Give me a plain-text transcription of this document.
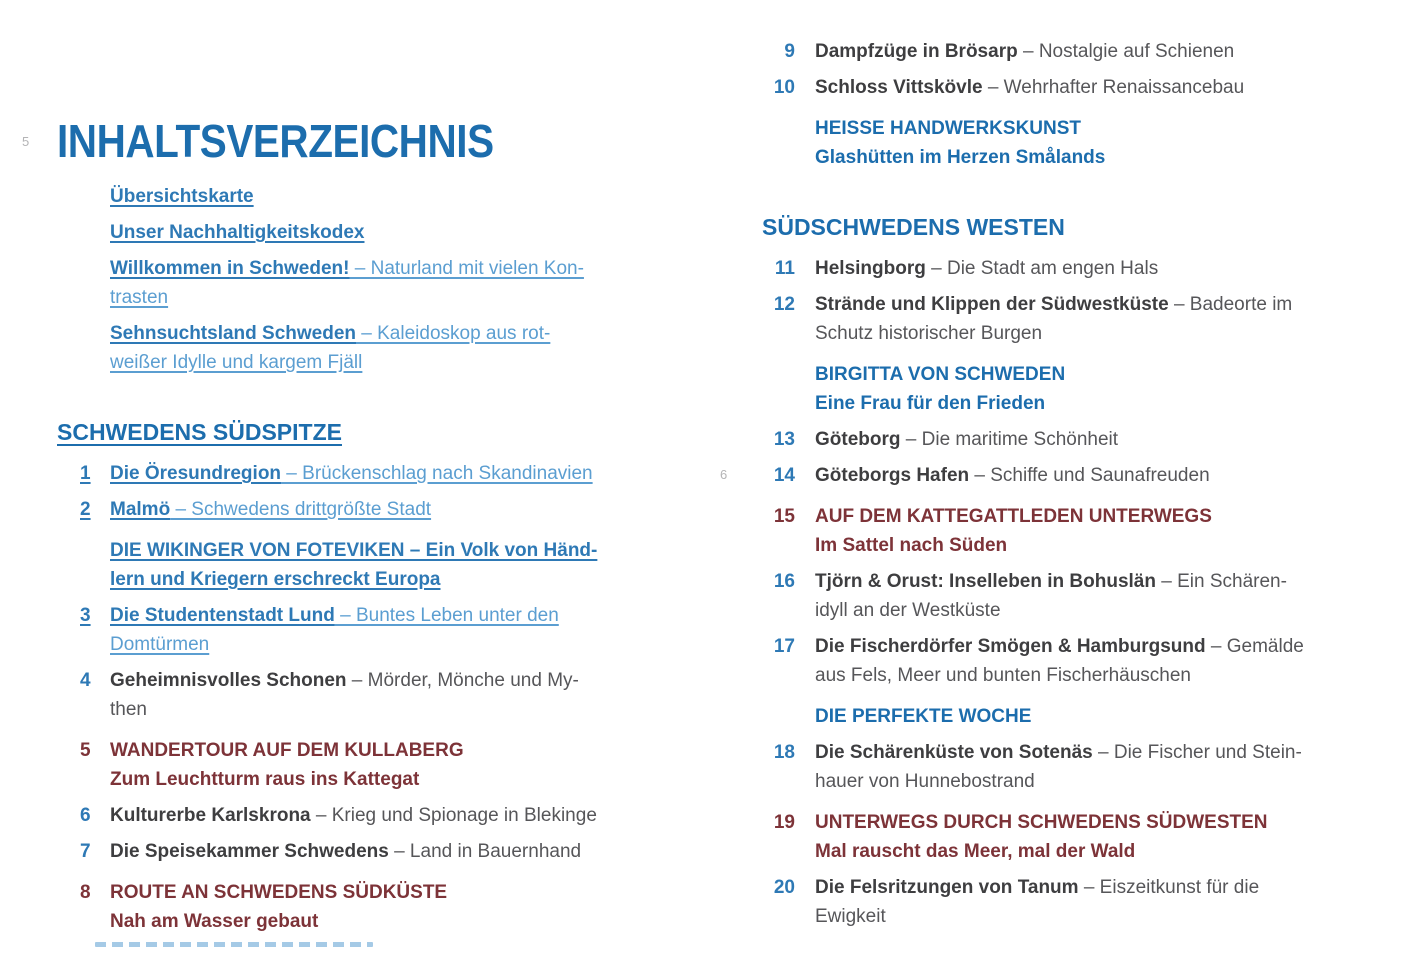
5
6
INHALTSVERZEICHNIS
Übersichtskarte
Unser Nachhaltigkeitskodex
Willkommen in Schweden! – Naturland mit vielen Kon-
trasten
Sehnsuchtsland Schweden – Kaleidoskop aus rot-
weißer Idylle und kargem Fjäll
SCHWEDENS SÜDSPITZE
1	Die Öresundregion – Brückenschlag nach Skandinavien
2	Malmö – Schwedens drittgrößte Stadt
DIE WIKINGER VON FOTEVIKEN – Ein Volk von Händ-
lern und Kriegern erschreckt Europa
3	Die Studentenstadt Lund – Buntes Leben unter den
Domtürmen
4	Geheimnisvolles Schonen – Mörder, Mönche und My-
then
5	WANDERTOUR AUF DEM KULLABERG
Zum Leuchtturm raus ins Kattegat
6	Kulturerbe Karlskrona – Krieg und Spionage in Blekinge
7	Die Speisekammer Schwedens – Land in Bauernhand
8	ROUTE AN SCHWEDENS SÜDKÜSTE
Nah am Wasser gebaut
9 Dampfzüge in Brösarp – Nostalgie auf Schienen
10 Schloss Vittskövle – Wehrhafter Renaissancebau
HEISSE HANDWERKSKUNST
Glashütten im Herzen Smålands
SÜDSCHWEDENS WESTEN
11 Helsingborg – Die Stadt am engen Hals
12 Strände und Klippen der Südwestküste – Badeorte im
Schutz historischer Burgen
BIRGITTA VON SCHWEDEN
Eine Frau für den Frieden
13 Göteborg – Die maritime Schönheit
14 Göteborgs Hafen – Schiffe und Saunafreuden
15 AUF DEM KATTEGATTLEDEN UNTERWEGS
Im Sattel nach Süden
16 Tjörn & Orust: Inselleben in Bohuslän – Ein Schären-
idyll an der Westküste
17 Die Fischerdörfer Smögen & Hamburgsund – Gemälde
aus Fels, Meer und bunten Fischerhäuschen
DIE PERFEKTE WOCHE
18 Die Schärenküste von Sotenäs – Die Fischer und Stein-
hauer von Hunnebostrand
19 UNTERWEGS DURCH SCHWEDENS SÜDWESTEN
Mal rauscht das Meer, mal der Wald
20 Die Felsritzungen von Tanum – Eiszeitkunst für die
Ewigkeit
